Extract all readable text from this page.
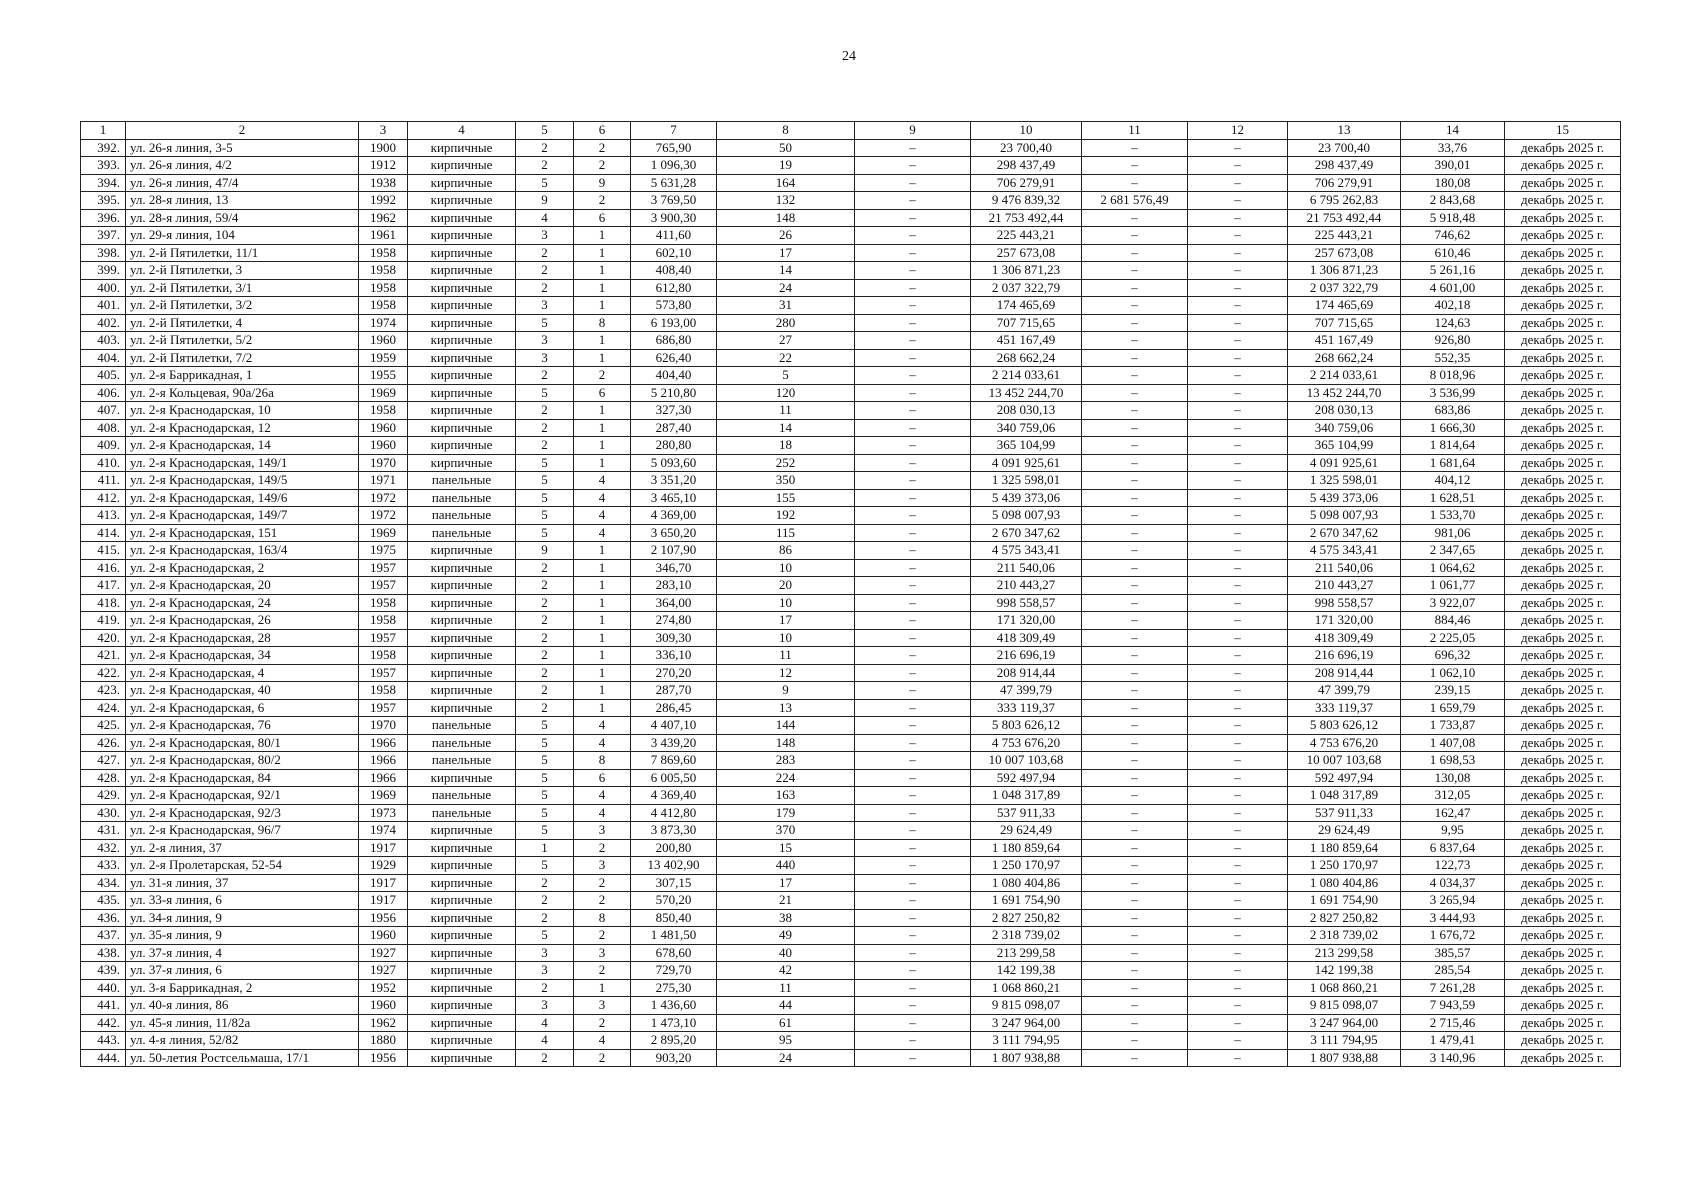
24
1	2	3	4	5	6	7	8	9	10	11	12	13	14	15
392.	ул. 26-я линия, 3-5	1900	кирпичные	2	2	765,90	50	–	23 700,40	–	–	23 700,40	33,76	декабрь 2025 г.
393.	ул. 26-я линия, 4/2	1912	кирпичные	2	2	1 096,30	19	–	298 437,49	–	–	298 437,49	390,01	декабрь 2025 г.
394.	ул. 26-я линия, 47/4	1938	кирпичные	5	9	5 631,28	164	–	706 279,91	–	–	706 279,91	180,08	декабрь 2025 г.
395.	ул. 28-я линия, 13	1992	кирпичные	9	2	3 769,50	132	–	9 476 839,32	2 681 576,49	–	6 795 262,83	2 843,68	декабрь 2025 г.
396.	ул. 28-я линия, 59/4	1962	кирпичные	4	6	3 900,30	148	–	21 753 492,44	–	–	21 753 492,44	5 918,48	декабрь 2025 г.
397.	ул. 29-я линия, 104	1961	кирпичные	3	1	411,60	26	–	225 443,21	–	–	225 443,21	746,62	декабрь 2025 г.
398.	ул. 2-й Пятилетки, 11/1	1958	кирпичные	2	1	602,10	17	–	257 673,08	–	–	257 673,08	610,46	декабрь 2025 г.
399.	ул. 2-й Пятилетки, 3	1958	кирпичные	2	1	408,40	14	–	1 306 871,23	–	–	1 306 871,23	5 261,16	декабрь 2025 г.
400.	ул. 2-й Пятилетки, 3/1	1958	кирпичные	2	1	612,80	24	–	2 037 322,79	–	–	2 037 322,79	4 601,00	декабрь 2025 г.
401.	ул. 2-й Пятилетки, 3/2	1958	кирпичные	3	1	573,80	31	–	174 465,69	–	–	174 465,69	402,18	декабрь 2025 г.
402.	ул. 2-й Пятилетки, 4	1974	кирпичные	5	8	6 193,00	280	–	707 715,65	–	–	707 715,65	124,63	декабрь 2025 г.
403.	ул. 2-й Пятилетки, 5/2	1960	кирпичные	3	1	686,80	27	–	451 167,49	–	–	451 167,49	926,80	декабрь 2025 г.
404.	ул. 2-й Пятилетки, 7/2	1959	кирпичные	3	1	626,40	22	–	268 662,24	–	–	268 662,24	552,35	декабрь 2025 г.
405.	ул. 2-я Баррикадная, 1	1955	кирпичные	2	2	404,40	5	–	2 214 033,61	–	–	2 214 033,61	8 018,96	декабрь 2025 г.
406.	ул. 2-я Кольцевая, 90а/26а	1969	кирпичные	5	6	5 210,80	120	–	13 452 244,70	–	–	13 452 244,70	3 536,99	декабрь 2025 г.
407.	ул. 2-я Краснодарская, 10	1958	кирпичные	2	1	327,30	11	–	208 030,13	–	–	208 030,13	683,86	декабрь 2025 г.
408.	ул. 2-я Краснодарская, 12	1960	кирпичные	2	1	287,40	14	–	340 759,06	–	–	340 759,06	1 666,30	декабрь 2025 г.
409.	ул. 2-я Краснодарская, 14	1960	кирпичные	2	1	280,80	18	–	365 104,99	–	–	365 104,99	1 814,64	декабрь 2025 г.
410.	ул. 2-я Краснодарская, 149/1	1970	кирпичные	5	1	5 093,60	252	–	4 091 925,61	–	–	4 091 925,61	1 681,64	декабрь 2025 г.
411.	ул. 2-я Краснодарская, 149/5	1971	панельные	5	4	3 351,20	350	–	1 325 598,01	–	–	1 325 598,01	404,12	декабрь 2025 г.
412.	ул. 2-я Краснодарская, 149/6	1972	панельные	5	4	3 465,10	155	–	5 439 373,06	–	–	5 439 373,06	1 628,51	декабрь 2025 г.
413.	ул. 2-я Краснодарская, 149/7	1972	панельные	5	4	4 369,00	192	–	5 098 007,93	–	–	5 098 007,93	1 533,70	декабрь 2025 г.
414.	ул. 2-я Краснодарская, 151	1969	панельные	5	4	3 650,20	115	–	2 670 347,62	–	–	2 670 347,62	981,06	декабрь 2025 г.
415.	ул. 2-я Краснодарская, 163/4	1975	кирпичные	9	1	2 107,90	86	–	4 575 343,41	–	–	4 575 343,41	2 347,65	декабрь 2025 г.
416.	ул. 2-я Краснодарская, 2	1957	кирпичные	2	1	346,70	10	–	211 540,06	–	–	211 540,06	1 064,62	декабрь 2025 г.
417.	ул. 2-я Краснодарская, 20	1957	кирпичные	2	1	283,10	20	–	210 443,27	–	–	210 443,27	1 061,77	декабрь 2025 г.
418.	ул. 2-я Краснодарская, 24	1958	кирпичные	2	1	364,00	10	–	998 558,57	–	–	998 558,57	3 922,07	декабрь 2025 г.
419.	ул. 2-я Краснодарская, 26	1958	кирпичные	2	1	274,80	17	–	171 320,00	–	–	171 320,00	884,46	декабрь 2025 г.
420.	ул. 2-я Краснодарская, 28	1957	кирпичные	2	1	309,30	10	–	418 309,49	–	–	418 309,49	2 225,05	декабрь 2025 г.
421.	ул. 2-я Краснодарская, 34	1958	кирпичные	2	1	336,10	11	–	216 696,19	–	–	216 696,19	696,32	декабрь 2025 г.
422.	ул. 2-я Краснодарская, 4	1957	кирпичные	2	1	270,20	12	–	208 914,44	–	–	208 914,44	1 062,10	декабрь 2025 г.
423.	ул. 2-я Краснодарская, 40	1958	кирпичные	2	1	287,70	9	–	47 399,79	–	–	47 399,79	239,15	декабрь 2025 г.
424.	ул. 2-я Краснодарская, 6	1957	кирпичные	2	1	286,45	13	–	333 119,37	–	–	333 119,37	1 659,79	декабрь 2025 г.
425.	ул. 2-я Краснодарская, 76	1970	панельные	5	4	4 407,10	144	–	5 803 626,12	–	–	5 803 626,12	1 733,87	декабрь 2025 г.
426.	ул. 2-я Краснодарская, 80/1	1966	панельные	5	4	3 439,20	148	–	4 753 676,20	–	–	4 753 676,20	1 407,08	декабрь 2025 г.
427.	ул. 2-я Краснодарская, 80/2	1966	панельные	5	8	7 869,60	283	–	10 007 103,68	–	–	10 007 103,68	1 698,53	декабрь 2025 г.
428.	ул. 2-я Краснодарская, 84	1966	кирпичные	5	6	6 005,50	224	–	592 497,94	–	–	592 497,94	130,08	декабрь 2025 г.
429.	ул. 2-я Краснодарская, 92/1	1969	панельные	5	4	4 369,40	163	–	1 048 317,89	–	–	1 048 317,89	312,05	декабрь 2025 г.
430.	ул. 2-я Краснодарская, 92/3	1973	панельные	5	4	4 412,80	179	–	537 911,33	–	–	537 911,33	162,47	декабрь 2025 г.
431.	ул. 2-я Краснодарская, 96/7	1974	кирпичные	5	3	3 873,30	370	–	29 624,49	–	–	29 624,49	9,95	декабрь 2025 г.
432.	ул. 2-я линия, 37	1917	кирпичные	1	2	200,80	15	–	1 180 859,64	–	–	1 180 859,64	6 837,64	декабрь 2025 г.
433.	ул. 2-я Пролетарская, 52-54	1929	кирпичные	5	3	13 402,90	440	–	1 250 170,97	–	–	1 250 170,97	122,73	декабрь 2025 г.
434.	ул. 31-я линия, 37	1917	кирпичные	2	2	307,15	17	–	1 080 404,86	–	–	1 080 404,86	4 034,37	декабрь 2025 г.
435.	ул. 33-я линия, 6	1917	кирпичные	2	2	570,20	21	–	1 691 754,90	–	–	1 691 754,90	3 265,94	декабрь 2025 г.
436.	ул. 34-я линия, 9	1956	кирпичные	2	8	850,40	38	–	2 827 250,82	–	–	2 827 250,82	3 444,93	декабрь 2025 г.
437.	ул. 35-я линия, 9	1960	кирпичные	5	2	1 481,50	49	–	2 318 739,02	–	–	2 318 739,02	1 676,72	декабрь 2025 г.
438.	ул. 37-я линия, 4	1927	кирпичные	3	3	678,60	40	–	213 299,58	–	–	213 299,58	385,57	декабрь 2025 г.
439.	ул. 37-я линия, 6	1927	кирпичные	3	2	729,70	42	–	142 199,38	–	–	142 199,38	285,54	декабрь 2025 г.
440.	ул. 3-я Баррикадная, 2	1952	кирпичные	2	1	275,30	11	–	1 068 860,21	–	–	1 068 860,21	7 261,28	декабрь 2025 г.
441.	ул. 40-я линия, 86	1960	кирпичные	3	3	1 436,60	44	–	9 815 098,07	–	–	9 815 098,07	7 943,59	декабрь 2025 г.
442.	ул. 45-я линия, 11/82а	1962	кирпичные	4	2	1 473,10	61	–	3 247 964,00	–	–	3 247 964,00	2 715,46	декабрь 2025 г.
443.	ул. 4-я линия, 52/82	1880	кирпичные	4	4	2 895,20	95	–	3 111 794,95	–	–	3 111 794,95	1 479,41	декабрь 2025 г.
444.	ул. 50-летия Ростсельмаша, 17/1	1956	кирпичные	2	2	903,20	24	–	1 807 938,88	–	–	1 807 938,88	3 140,96	декабрь 2025 г.
